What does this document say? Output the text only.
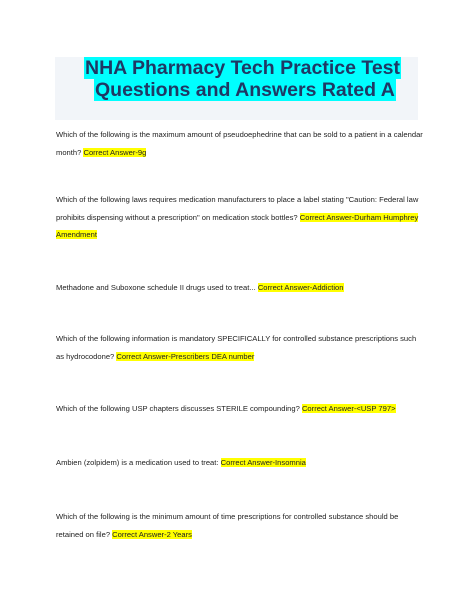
NHA Pharmacy Tech Practice Test
Questions and Answers Rated A
Which of the following is the maximum amount of pseudoephedrine that can be sold to a patient in a calendar month? Correct Answer-9g
Which of the following laws requires medication manufacturers to place a label stating "Caution: Federal law prohibits dispensing without a prescription" on medication stock bottles? Correct Answer-Durham Humphrey Amendment
Methadone and Suboxone schedule II drugs used to treat... Correct Answer-Addiction
Which of the following information is mandatory SPECIFICALLY for controlled substance prescriptions such as hydrocodone? Correct Answer-Prescribers DEA number
Which of the following USP chapters discusses STERILE compounding? Correct Answer-<USP 797>
Ambien (zolpidem) is a medication used to treat: Correct Answer-Insomnia
Which of the following is the minimum amount of time prescriptions for controlled substance should be retained on file? Correct Answer-2 Years
